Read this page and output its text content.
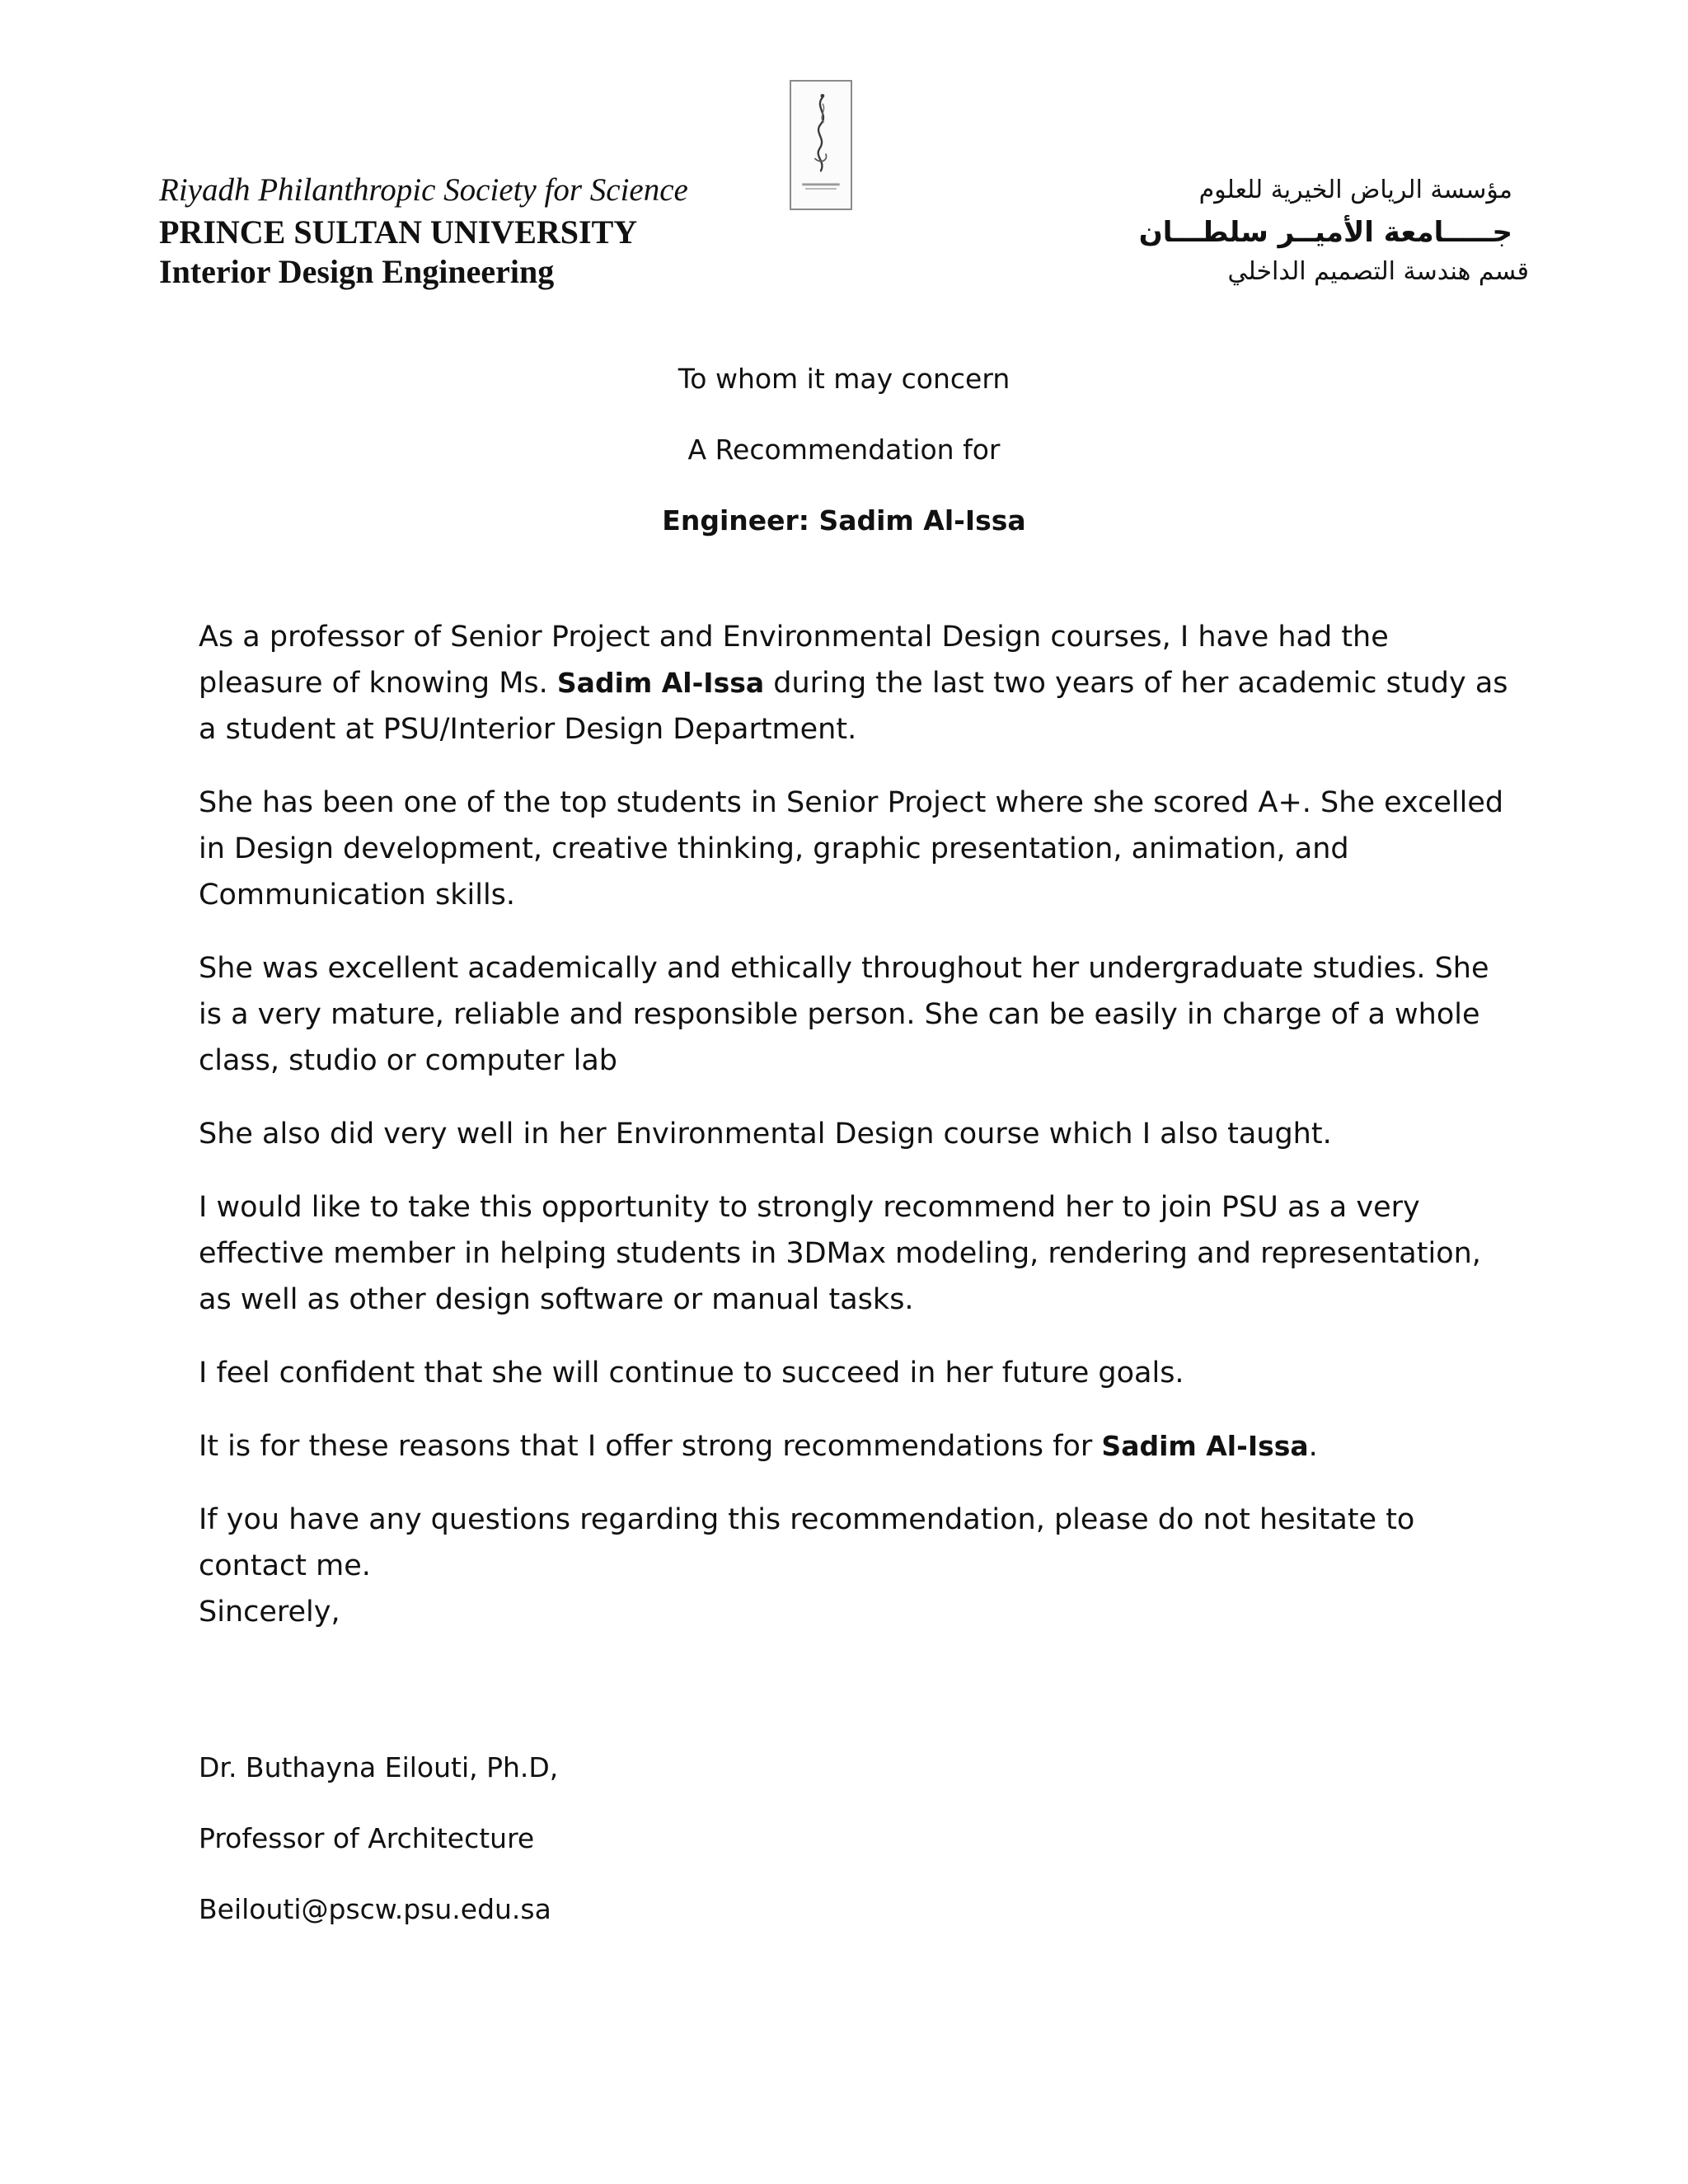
Riyadh Philanthropic Society for Science
PRINCE SULTAN UNIVERSITY
Interior Design Engineering
مؤسسة الرياض الخيرية للعلوم
جـــــامعة الأميــر سلطـــان
قسم هندسة التصميم الداخلي
To whom it may concern
A Recommendation for
Engineer: Sadim Al-Issa

As a professor of Senior Project and Environmental Design courses, I have had the pleasure of knowing Ms. Sadim Al-Issa during the last two years of her academic study as a student at PSU/Interior Design Department.

She has been one of the top students in Senior Project where she scored A+. She excelled in Design development, creative thinking, graphic presentation, animation, and Communication skills.

She was excellent academically and ethically throughout her undergraduate studies. She is a very mature, reliable and responsible person. She can be easily in charge of a whole class, studio or computer lab

She also did very well in her Environmental Design course which I also taught.

I would like to take this opportunity to strongly recommend her to join PSU as a very effective member in helping students in 3DMax modeling, rendering and representation, as well as other design software or manual tasks.

I feel confident that she will continue to succeed in her future goals.

It is for these reasons that I offer strong recommendations for Sadim Al-Issa.

If you have any questions regarding this recommendation, please do not hesitate to contact me.

Sincerely,

Dr. Buthayna Eilouti, Ph.D,
Professor of Architecture
Beilouti@pscw.psu.edu.sa
